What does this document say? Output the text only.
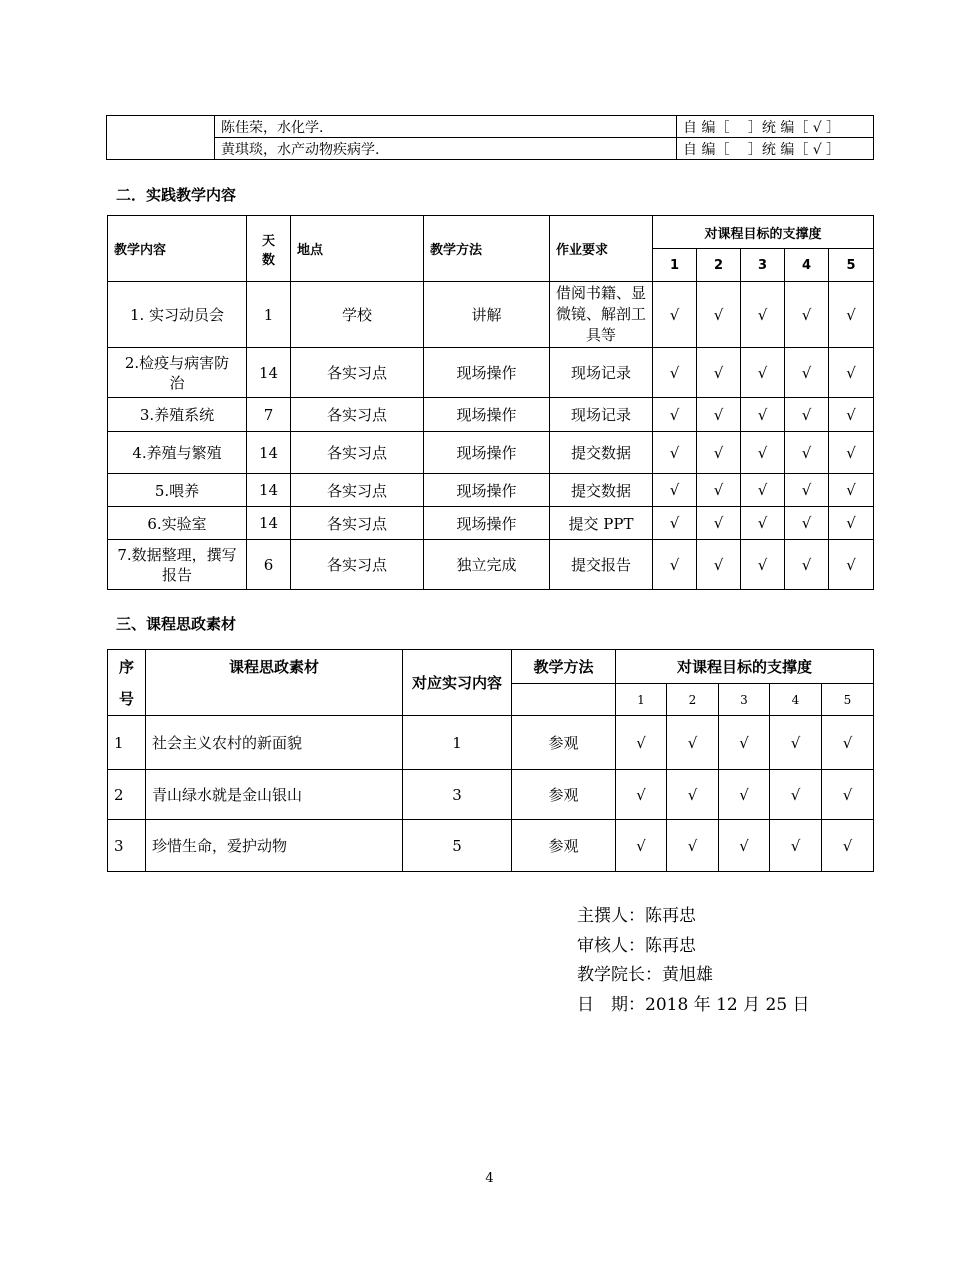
	陈佳荣，水化学.	自 编［　 ］统 编［ √ ］
	黄琪琰，水产动物疾病学.	自 编［　 ］统 编［ √ ］
二．实践教学内容
教学内容	天数	地点	教学方法	作业要求	对课程目标的支撑度				
					1	2	3	4	5
1. 实习动员会	1	学校	讲解	借阅书籍、显微镜、解剖工具等	√	√	√	√	√
2.检疫与病害防治	14	各实习点	现场操作	现场记录	√	√	√	√	√
3.养殖系统	7	各实习点	现场操作	现场记录	√	√	√	√	√
4.养殖与繁殖	14	各实习点	现场操作	提交数据	√	√	√	√	√
5.喂养	14	各实习点	现场操作	提交数据	√	√	√	√	√
6.实验室	14	各实习点	现场操作	提交 PPT	√	√	√	√	√
7.数据整理，撰写报告	6	各实习点	独立完成	提交报告	√	√	√	√	√
三、课程思政素材
序号	课程思政素材	对应实习内容	教学方法	对课程目标的支撑度				
				1	2	3	4	5
1	社会主义农村的新面貌	1	参观	√	√	√	√	√
2	青山绿水就是金山银山	3	参观	√	√	√	√	√
3	珍惜生命，爱护动物	5	参观	√	√	√	√	√
主撰人：陈再忠
审核人：陈再忠
教学院长：黄旭雄
日　期：2018 年 12 月 25 日
4
